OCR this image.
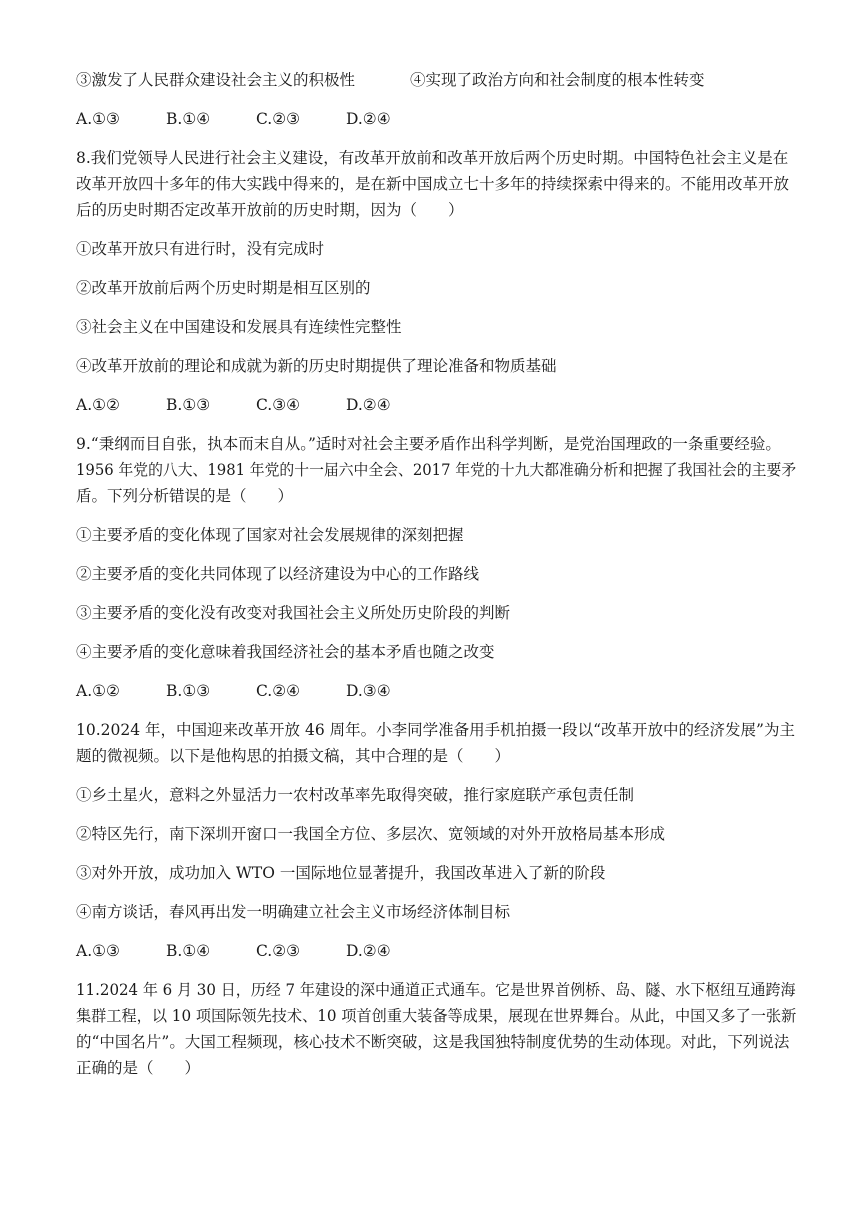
③激发了人民群众建设社会主义的积极性	④实现了政治方向和社会制度的根本性转变
A.①③	B.①④	C.②③	D.②④
8.我们党领导人民进行社会主义建设，有改革开放前和改革开放后两个历史时期。中国特色社会主义是在
改革开放四十多年的伟大实践中得来的，是在新中国成立七十多年的持续探索中得来的。不能用改革开放
后的历史时期否定改革开放前的历史时期，因为（　　）
①改革开放只有进行时，没有完成时
②改革开放前后两个历史时期是相互区别的
③社会主义在中国建设和发展具有连续性完整性
④改革开放前的理论和成就为新的历史时期提供了理论准备和物质基础
A.①②	B.①③	C.③④	D.②④
9.“秉纲而目自张，执本而末自从。”适时对社会主要矛盾作出科学判断，是党治国理政的一条重要经验。
1956 年党的八大、1981 年党的十一届六中全会、2017 年党的十九大都准确分析和把握了我国社会的主要矛
盾。下列分析错误的是（　　）
①主要矛盾的变化体现了国家对社会发展规律的深刻把握
②主要矛盾的变化共同体现了以经济建设为中心的工作路线
③主要矛盾的变化没有改变对我国社会主义所处历史阶段的判断
④主要矛盾的变化意味着我国经济社会的基本矛盾也随之改变
A.①②	B.①③	C.②④	D.③④
10.2024 年，中国迎来改革开放 46 周年。小李同学准备用手机拍摄一段以“改革开放中的经济发展”为主
题的微视频。以下是他构思的拍摄文稿，其中合理的是（　　）
①乡土星火，意料之外显活力一农村改革率先取得突破，推行家庭联产承包责任制
②特区先行，南下深圳开窗口一我国全方位、多层次、宽领域的对外开放格局基本形成
③对外开放，成功加入 WTO 一国际地位显著提升，我国改革进入了新的阶段
④南方谈话，春风再出发一明确建立社会主义市场经济体制目标
A.①③	B.①④	C.②③	D.②④
11.2024 年 6 月 30 日，历经 7 年建设的深中通道正式通车。它是世界首例桥、岛、隧、水下枢纽互通跨海
集群工程，以 10 项国际领先技术、10 项首创重大装备等成果，展现在世界舞台。从此，中国又多了一张新
的“中国名片”。大国工程频现，核心技术不断突破，这是我国独特制度优势的生动体现。对此，下列说法
正确的是（　　）
